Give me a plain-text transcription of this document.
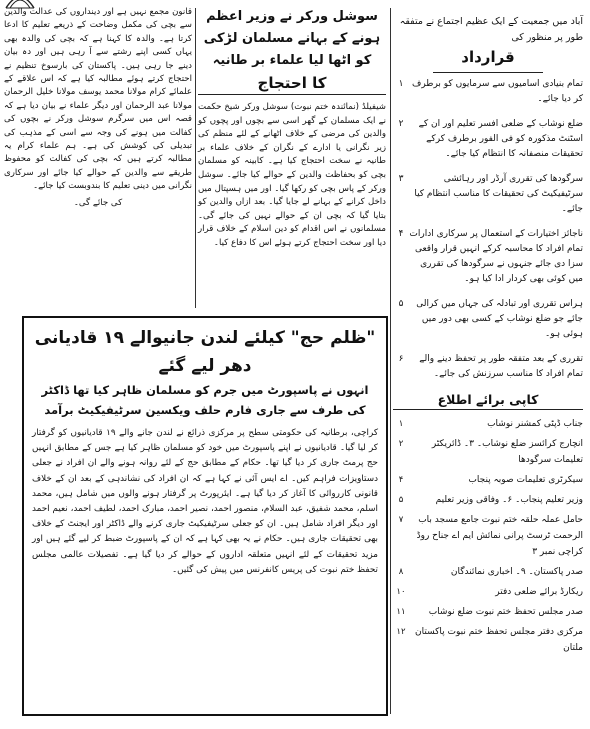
آباد میں جمعیت کے ایک عظیم اجتماع نے متفقہ طور پر منظور کی
قرارداد
۱ تمام بنیادی اسامیوں سے سرمایوں کو برطرف کر دیا جائے۔
۲	ضلع نوشاب کے ضلعی افسر تعلیم اور ان کے اسٹنٹ مذکورہ کو فی الفور برطرف کرکے تحقیقات منصفانہ کا انتظام کیا جائے۔
۳	سرگودھا کی تقرری آرڈر اور رہائشی سرٹیفیکیٹ کی تحقیقات کا مناسب انتظام کیا جائے۔
۴ ناجائز اختیارات کے استعمال پر سرکاری ادارات تمام افراد کا محاسبہ کرکے انہیں قرار واقعی سزا دی جائے جنہوں نے سرگودھا کی تقرری میں کوئی بھی کردار ادا کیا ہو۔
۵	ہراس تقرری اور تبادلہ کی جہاں میں کرالی جائے جو ضلع نوشاب کے کسی بھی دور میں ہوئی ہو۔
۶	تقرری کے بعد متفقہ طور پر تحفظ دینے والے تمام افراد کا مناسب سرزنش کی جائے۔
کاپی برائے اطلاع
۱	جناب ڈپٹی کمشنر نوشاب
۲	انچارج کرائسز ضلع نوشاب۔ ۳۔ ڈائریکٹر تعلیمات سرگودھا
۴	سیکرٹری تعلیمات صوبہ پنجاب
۵	وزیر تعلیم پنجاب۔ ۶۔ وفاقی وزیر تعلیم
۷	حامل عملہ حلقہ ختم نبوت جامع مسجد باب الرحمت ٹرسٹ پرانی نمائش ایم اے جناح روڈ کراچی نمبر ۳
۸	صدر پاکستان۔ ۹۔ اخباری نمائندگان
۱۰	ریکارڈ برائے ضلعی دفتر
۱۱	صدر مجلس تحفظ ختم نبوت ضلع نوشاب
۱۲	مرکزی دفتر مجلس تحفظ ختم نبوت پاکستان ملتان
سوشل ورکر نے وزیر اعظم ہونے کے بہانے مسلمان لڑکی کو اٹھا لیا علماء بر طانیہ
کا احتجاج
شیفیلڈ (نمائندہ ختم نبوت) سوشل ورکر شیخ حکمت نے ایک مسلمان کے گھر اسی سے بچوں اور پچوں کو والدین کی مرضی کے خلاف اٹھانے کے لئے منظم کی زیر نگرانی یا ادارے کے نگران کے خلاف علماء بر طانیہ نے سخت احتجاج کیا ہے۔ کابینہ کو مسلمان بچی کو بحفاظت والدین کے حوالے کیا جائے۔ سوشل ورکر کے پاس بچی کو رکھا گیا۔ اور میں ہسپتال میں داخل کرانے کے بہانے لے جایا گیا۔ بعد ازاں والدین کو بتایا گیا کہ بچی ان کے حوالے نہیں کی جائے گی۔ مسلمانوں نے اس اقدام کو دین اسلام کے خلاف قرار دیا اور سخت احتجاج کرتے ہوئے اس کا دفاع کیا۔
قانون مجمع نہیں ہے اور دینداروں کی عدالت والدین سے بچی کی مکمل وضاحت کے ذریعے تعلیم کا ادعا کرتا ہے۔ والدہ کا کہنا ہے کہ بچی کی والدہ بھی یہاں کسی اپنے رشتے سے آ رہی ہیں اور دہ بیان دینے جا رہی ہیں۔ پاکستان کی بارسوخ تنظیم نے احتجاج کرتے ہوئے مطالبہ کیا ہے کہ اس علاقے کے علمائے کرام مولانا محمد یوسف مولانا خلیل الرحمان مولانا عبد الرحمان اور دیگر علماء نے بیان دیا ہے کہ قصہ اس میں سرگرم سوشل ورکر نے بچوں کی کفالت میں ہونے کی وجہ سے اسی کے مذہب کی تبدیلی کی کوشش کی ہے۔ ہم علماء کرام یہ مطالبہ کرتے ہیں کہ بچی کی کفالت کو محفوظ طریقے سے والدین کے حوالے کیا جائے اور سرکاری نگرانی میں دینی تعلیم کا بندوبست کیا جائے۔
کی جائے گی۔
"ظلم حج" کیلئے لندن جانیوالے ۱۹ قادیانی دھر لیے گئے
انہوں نے پاسپورٹ میں جرم کو مسلمان ظاہر کیا تھا ڈاکٹر کی طرف سے جاری فارم حلف ویکسین سرٹیفیکیٹ برآمد
کراچی، برطانیہ کی حکومتی سطح پر مرکزی ذرائع نے لندن جانے والے ۱۹ قادیانیوں کو گرفتار کر لیا گیا۔ قادیانیوں نے اپنے پاسپورٹ میں خود کو مسلمان ظاہر کیا ہے جس کے مطابق انہیں حج پرمٹ جاری کر دیا گیا تھا۔ حکام کے مطابق حج کے لئے روانہ ہونے والے ان افراد نے جعلی دستاویزات فراہم کیں۔ اے ایس آئی نے کہا ہے کہ ان افراد کی نشاندہی کے بعد ان کے خلاف قانونی کارروائی کا آغاز کر دیا گیا ہے۔ ایئرپورٹ پر گرفتار ہونے والوں میں شامل ہیں، محمد اسلم، محمد شفیق، عبد السلام، منصور احمد، نصیر احمد، مبارک احمد، لطیف احمد، نعیم احمد اور دیگر افراد شامل ہیں۔ ان کو جعلی سرٹیفیکیٹ جاری کرنے والے ڈاکٹر اور ایجنٹ کے خلاف بھی تحقیقات جاری ہیں۔ حکام نے یہ بھی کہا ہے کہ ان کے پاسپورٹ ضبط کر لیے گئے ہیں اور مزید تحقیقات کے لئے انہیں متعلقہ اداروں کے حوالے کر دیا گیا ہے۔ تفصیلات عالمی مجلس تحفظ ختم نبوت کی پریس کانفرنس میں پیش کی گئیں۔
